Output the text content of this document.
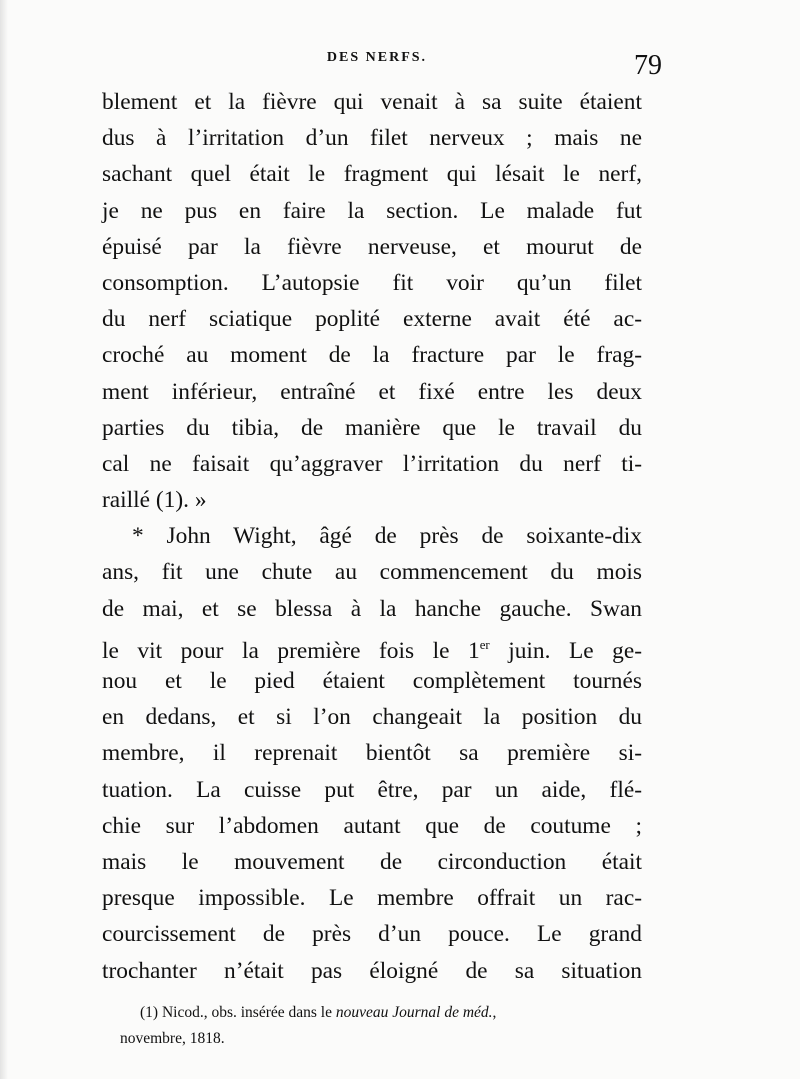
DES NERFS.	79
blement et la fièvre qui venait à sa suite étaient
dus à l’irritation d’un filet nerveux ; mais ne
sachant quel était le fragment qui lésait le nerf,
je ne pus en faire la section. Le malade fut
épuisé par la fièvre nerveuse, et mourut de
consomption. L’autopsie fit voir qu’un filet
du nerf sciatique poplité externe avait été ac-
croché au moment de la fracture par le frag-
ment inférieur, entraîné et fixé entre les deux
parties du tibia, de manière que le travail du
cal ne faisait qu’aggraver l’irritation du nerf ti-
raillé (1). »
* John Wight, âgé de près de soixante-dix
ans, fit une chute au commencement du mois
de mai, et se blessa à la hanche gauche. Swan
le vit pour la première fois le 1er juin. Le ge-
nou et le pied étaient complètement tournés
en dedans, et si l’on changeait la position du
membre, il reprenait bientôt sa première si-
tuation. La cuisse put être, par un aide, flé-
chie sur l’abdomen autant que de coutume ;
mais le mouvement de circonduction était
presque impossible. Le membre offrait un rac-
courcissement de près d’un pouce. Le grand
trochanter n’était pas éloigné de sa situation
(1) Nicod., obs. insérée dans le nouveau Journal de méd.,
novembre, 1818.
